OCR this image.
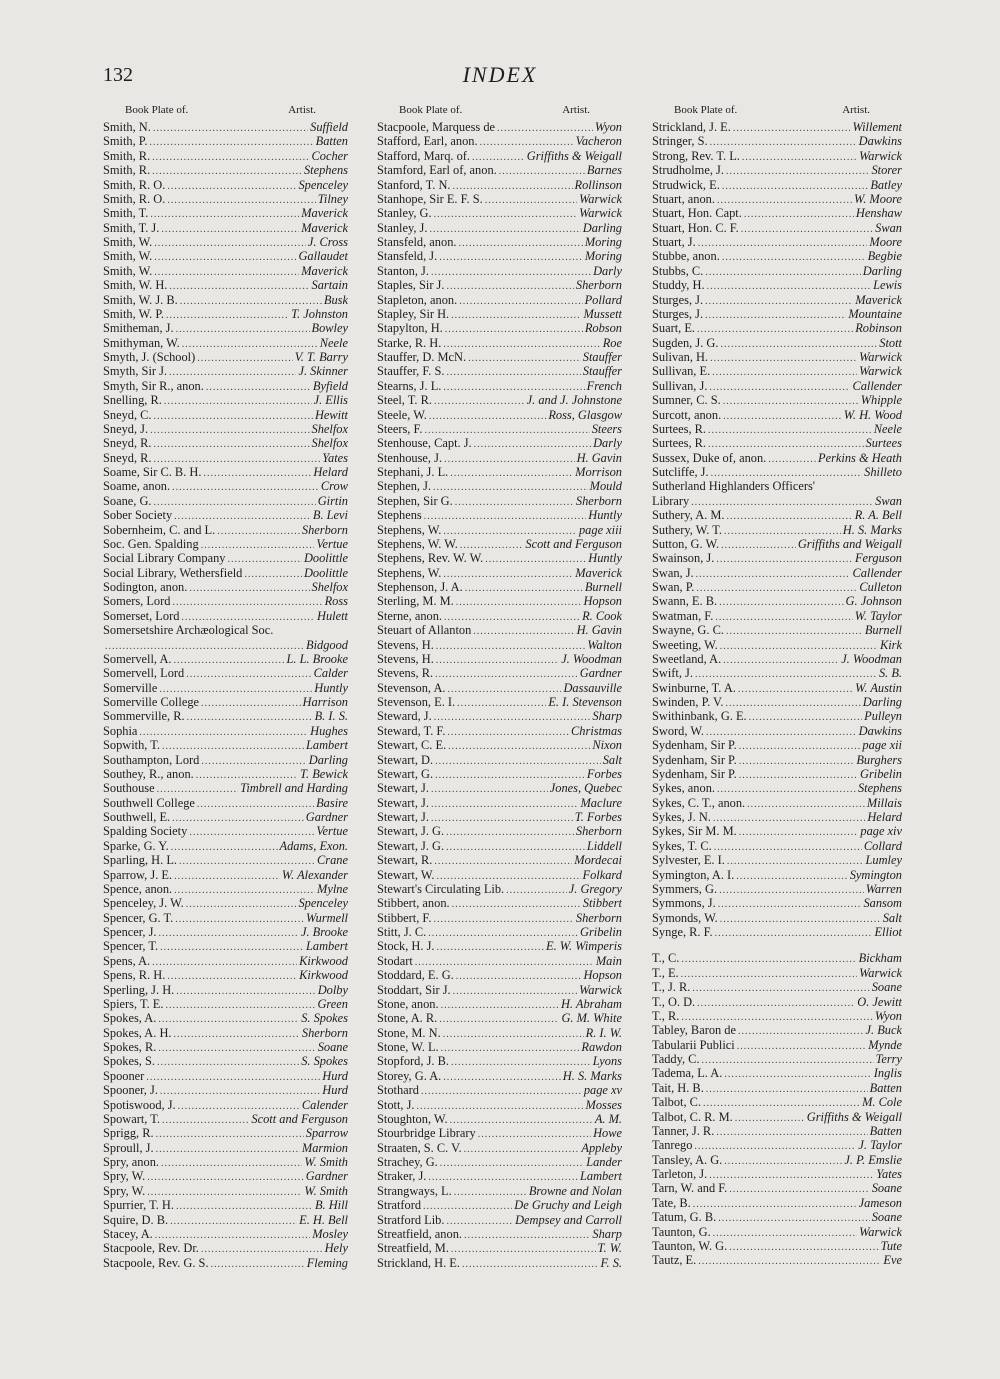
132	INDEX
Book Plate of.	Artist.
Smith, N. .....	Suffield
Smith, P. .....	Batten
Smith, R. .....	Cocher
Smith, R. .....	Stephens
Smith, R. O. .....	Spenceley
Smith, R. O. .....	Tilney
Smith, T. .....	Maverick
Smith, T. J. .....	Maverick
Smith, W. .....	J. Cross
Smith, W. .....	Gallaudet
Smith, W. .....	Maverick
Smith, W. H. .....	Sartain
Smith, W. J. B. .....	Busk
Smith, W. P. .....	T. Johnston
Smitheman, J. .....	Bowley
Smithyman, W. .....	Neele
Smyth, J. (School) .....	V. T. Barry
Smyth, Sir J. .....	J. Skinner
Smyth, Sir R., anon. .....	Byfield
Snelling, R. .....	J. Ellis
Sneyd, C. .....	Hewitt
Sneyd, J. .....	Shelfox
Sneyd, R. .....	Shelfox
Sneyd, R. .....	Yates
Soame, Sir C. B. H. .....	Helard
Soame, anon. .....	Crow
Soane, G. .....	Girtin
Sober Society .....	B. Levi
Sobernheim, C. and L. .....	Sherborn
Soc. Gen. Spalding .....	Vertue
Social Library Company .....	Doolittle
Social Library, Wethersfield .....	Doolittle
Sodington, anon. .....	Shelfox
Somers, Lord .....	Ross
Somerset, Lord .....	Hulett
Somersetshire Archæological Soc.
.....
Bidgood
Somervell, A. .....	L. L. Brooke
Somervell, Lord .....	Calder
Somerville .....	Huntly
Somerville College .....	Harrison
Sommerville, R. .....	B. I. S.
Sophia .....	Hughes
Sopwith, T. .....	Lambert
Southampton, Lord .....	Darling
Southey, R., anon. .....	T. Bewick
Southouse .....	Timbrell and Harding
Southwell College .....	Basire
Southwell, E. .....	Gardner
Spalding Society .....	Vertue
Sparke, G. Y. .....	Adams, Exon.
Sparling, H. L. .....	Crane
Sparrow, J. E. .....	W. Alexander
Spence, anon. .....	Mylne
Spenceley, J. W. .....	Spenceley
Spencer, G. T. .....	Wurmell
Spencer, J. .....	J. Brooke
Spencer, T. .....	Lambert
Spens, A. .....	Kirkwood
Spens, R. H. .....	Kirkwood
Sperling, J. H. .....	Dolby
Spiers, T. E. .....	Green
Spokes, A. .....	S. Spokes
Spokes, A. H. .....	Sherborn
Spokes, R. .....	Soane
Spokes, S. .....	S. Spokes
Spooner .....	Hurd
Spooner, J. .....	Hurd
Spotiswood, J. .....	Calender
Spowart, T. .....	Scott and Ferguson
Sprigg, R. .....	Sparrow
Sproull, J. .....	Marmion
Spry, anon. .....	W. Smith
Spry, W. .....	Gardner
Spry, W. .....	W. Smith
Spurrier, T. H. .....	B. Hill
Squire, D. B. .....	E. H. Bell
Stacey, A. .....	Mosley
Stacpoole, Rev. Dr. .....	Hely
Stacpoole, Rev. G. S. .....	Fleming
Book Plate of.	Artist.
Stacpoole, Marquess de .....	Wyon
Stafford, Earl, anon. .....	Vacheron
Stafford, Marq. of. .....	Griffiths & Weigall
Stamford, Earl of, anon. .....	Barnes
Stanford, T. N. .....	Rollinson
Stanhope, Sir E. F. S. .....	Warwick
Stanley, G. .....	Warwick
Stanley, J. .....	Darling
Stansfeld, anon. .....	Moring
Stansfeld, J. .....	Moring
Stanton, J. .....	Darly
Staples, Sir J. .....	Sherborn
Stapleton, anon. .....	Pollard
Stapley, Sir H. .....	Mussett
Stapylton, H. .....	Robson
Starke, R. H. .....	Roe
Stauffer, D. McN. .....	Stauffer
Stauffer, F. S. .....	Stauffer
Stearns, J. L. .....	French
Steel, T. R. .....	J. and J. Johnstone
Steele, W. .....	Ross, Glasgow
Steers, F. .....	Steers
Stenhouse, Capt. J. .....	Darly
Stenhouse, J. .....	H. Gavin
Stephani, J. L. .....	Morrison
Stephen, J. .....	Mould
Stephen, Sir G. .....	Sherborn
Stephens .....	Huntly
Stephens, W. .....	page xiii
Stephens, W. W. .....	Scott and Ferguson
Stephens, Rev. W. W. .....	Huntly
Stephens, W. .....	Maverick
Stephenson, J. A. .....	Burnell
Sterling, M. M. .....	Hopson
Sterne, anon. .....	R. Cook
Steuart of Allanton .....	H. Gavin
Stevens, H. .....	Walton
Stevens, H. .....	J. Woodman
Stevens, R. .....	Gardner
Stevenson, A. .....	Dassauville
Stevenson, E. I. .....	E. I. Stevenson
Steward, J. .....	Sharp
Steward, T. F. .....	Christmas
Stewart, C. E. .....	Nixon
Stewart, D. .....	Salt
Stewart, G. .....	Forbes
Stewart, J. .....	Jones, Quebec
Stewart, J. .....	Maclure
Stewart, J. .....	T. Forbes
Stewart, J. G. .....	Sherborn
Stewart, J. G. .....	Liddell
Stewart, R. .....	Mordecai
Stewart, W. .....	Folkard
Stewart's Circulating Lib. .....	J. Gregory
Stibbert, anon. .....	Stibbert
Stibbert, F. .....	Sherborn
Stitt, J. C. .....	Gribelin
Stock, H. J. .....	E. W. Wimperis
Stodart .....	Main
Stoddard, E. G. .....	Hopson
Stoddart, Sir J. .....	Warwick
Stone, anon. .....	H. Abraham
Stone, A. R. .....	G. M. White
Stone, M. N. .....	R. I. W.
Stone, W. L. .....	Rawdon
Stopford, J. B. .....	Lyons
Storey, G. A. .....	H. S. Marks
Stothard .....	page xv
Stott, J. .....	Mosses
Stoughton, W. .....	A. M.
Stourbridge Library .....	Howe
Straaten, S. C. V. .....	Appleby
Strachey, G. .....	Lander
Straker, J. .....	Lambert
Strangways, L. .....	Browne and Nolan
Stratford .....	De Gruchy and Leigh
Stratford Lib. .....	Dempsey and Carroll
Streatfield, anon. .....	Sharp
Streatfield, M. .....	T. W.
Strickland, H. E. .....	F. S.
Book Plate of.	Artist.
Strickland, J. E. .....	Willement
Stringer, S. .....	Dawkins
Strong, Rev. T. L. .....	Warwick
Strudholme, J. .....	Storer
Strudwick, E. .....	Batley
Stuart, anon. .....	W. Moore
Stuart, Hon. Capt. .....	Henshaw
Stuart, Hon. C. F. .....	Swan
Stuart, J. .....	Moore
Stubbe, anon. .....	Begbie
Stubbs, C. .....	Darling
Studdy, H. .....	Lewis
Sturges, J. .....	Maverick
Sturges, J. .....	Mountaine
Suart, E. .....	Robinson
Sugden, J. G. .....	Stott
Sulivan, H. .....	Warwick
Sullivan, E. .....	Warwick
Sullivan, J. .....	Callender
Sumner, C. S. .....	Whipple
Surcott, anon. .....	W. H. Wood
Surtees, R. .....	Neele
Surtees, R. .....	Surtees
Sussex, Duke of, anon. .....	Perkins & Heath
Sutcliffe, J. .....	Shilleto
Sutherland Highlanders Officers'
Library .....	Swan
Suthery, A. M. .....	R. A. Bell
Suthery, W. T. .....	H. S. Marks
Sutton, G. W. .....	Griffiths and Weigall
Swainson, J. .....	Ferguson
Swan, J. .....	Callender
Swan, P. .....	Culleton
Swann, E. B. .....	G. Johnson
Swatman, F. .....	W. Taylor
Swayne, G. C. .....	Burnell
Sweeting, W. .....	Kirk
Sweetland, A. .....	J. Woodman
Swift, J. .....	S. B.
Swinburne, T. A. .....	W. Austin
Swinden, P. V. .....	Darling
Swithinbank, G. E. .....	Pulleyn
Sword, W. .....	Dawkins
Sydenham, Sir P. .....	page xii
Sydenham, Sir P. .....	Burghers
Sydenham, Sir P. .....	Gribelin
Sykes, anon. .....	Stephens
Sykes, C. T., anon. .....	Millais
Sykes, J. N. .....	Helard
Sykes, Sir M. M. .....	page xiv
Sykes, T. C. .....	Collard
Sylvester, E. I. .....	Lumley
Symington, A. I. .....	Symington
Symmers, G. .....	Warren
Symmons, J. .....	Sansom
Symonds, W. .....	Salt
Synge, R. F. .....	Elliot
T., C. .....	Bickham
T., E. .....	Warwick
T., J. R. .....	Soane
T., O. D. .....	O. Jewitt
T., R. .....	Wyon
Tabley, Baron de .....	J. Buck
Tabularii Publici .....	Mynde
Taddy, C. .....	Terry
Tadema, L. A. .....	Inglis
Tait, H. B. .....	Batten
Talbot, C. .....	M. Cole
Talbot, C. R. M. .....	Griffiths & Weigall
Tanner, J. R. .....	Batten
Tanrego .....	J. Taylor
Tansley, A. G. .....	J. P. Emslie
Tarleton, J. .....	Yates
Tarn, W. and F. .....	Soane
Tate, B. .....	Jameson
Tatum, G. B. .....	Soane
Taunton, G. .....	Warwick
Taunton, W. G. .....	Tute
Tautz, E. .....	Eve
